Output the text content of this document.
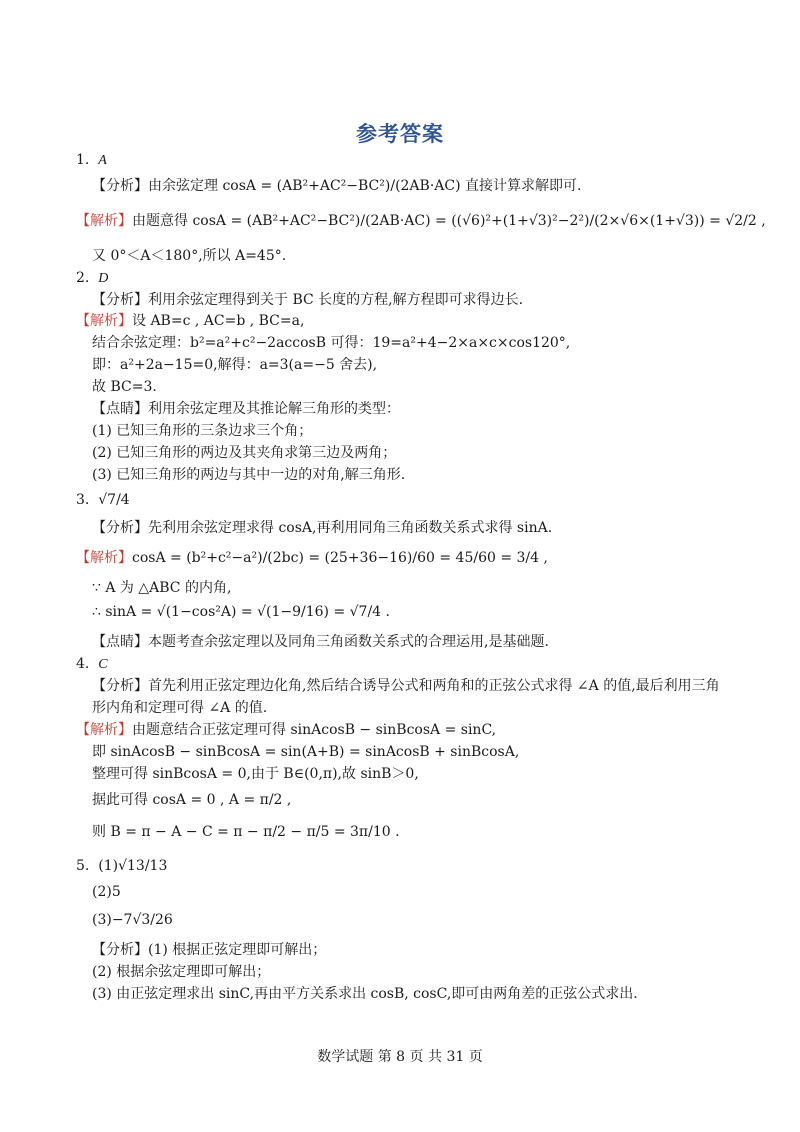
参考答案
1. A
【分析】由余弦定理 cosA = (AB²+AC²−BC²)/(2AB·AC) 直接计算求解即可.
【解析】由题意得 cosA = (AB²+AC²−BC²)/(2AB·AC) = ((√6)²+(1+√3)²−2²)/(2×√6×(1+√3)) = √2/2 ,
又 0°＜A＜180°,所以 A=45°.
2. D
【分析】利用余弦定理得到关于 BC 长度的方程,解方程即可求得边长.
【解析】设 AB=c , AC=b , BC=a,
结合余弦定理：b²=a²+c²−2accosB 可得：19=a²+4−2×a×c×cos120°,
即：a²+2a−15=0,解得：a=3(a=−5 舍去),
故 BC=3.
【点睛】利用余弦定理及其推论解三角形的类型：
(1) 已知三角形的三条边求三个角；
(2) 已知三角形的两边及其夹角求第三边及两角；
(3) 已知三角形的两边与其中一边的对角,解三角形.
3. √7/4
【分析】先利用余弦定理求得 cosA,再利用同角三角函数关系式求得 sinA.
【解析】cosA = (b²+c²−a²)/(2bc) = (25+36−16)/60 = 45/60 = 3/4 ,
∵ A 为 △ABC 的内角,
∴ sinA = √(1−cos²A) = √(1−9/16) = √7/4 .
【点睛】本题考查余弦定理以及同角三角函数关系式的合理运用,是基础题.
4. C
【分析】首先利用正弦定理边化角,然后结合诱导公式和两角和的正弦公式求得 ∠A 的值,最后利用三角
形内角和定理可得 ∠A 的值.
【解析】由题意结合正弦定理可得 sinAcosB − sinBcosA = sinC,
即 sinAcosB − sinBcosA = sin(A+B) = sinAcosB + sinBcosA,
整理可得 sinBcosA = 0,由于 B∈(0,π),故 sinB＞0,
据此可得 cosA = 0 , A = π/2 ,
则 B = π − A − C = π − π/2 − π/5 = 3π/10 .
5. (1)√13/13
(2)5
(3)−7√3/26
【分析】(1) 根据正弦定理即可解出；
(2) 根据余弦定理即可解出；
(3) 由正弦定理求出 sinC,再由平方关系求出 cosB, cosC,即可由两角差的正弦公式求出.
数学试题 第 8 页 共 31 页
